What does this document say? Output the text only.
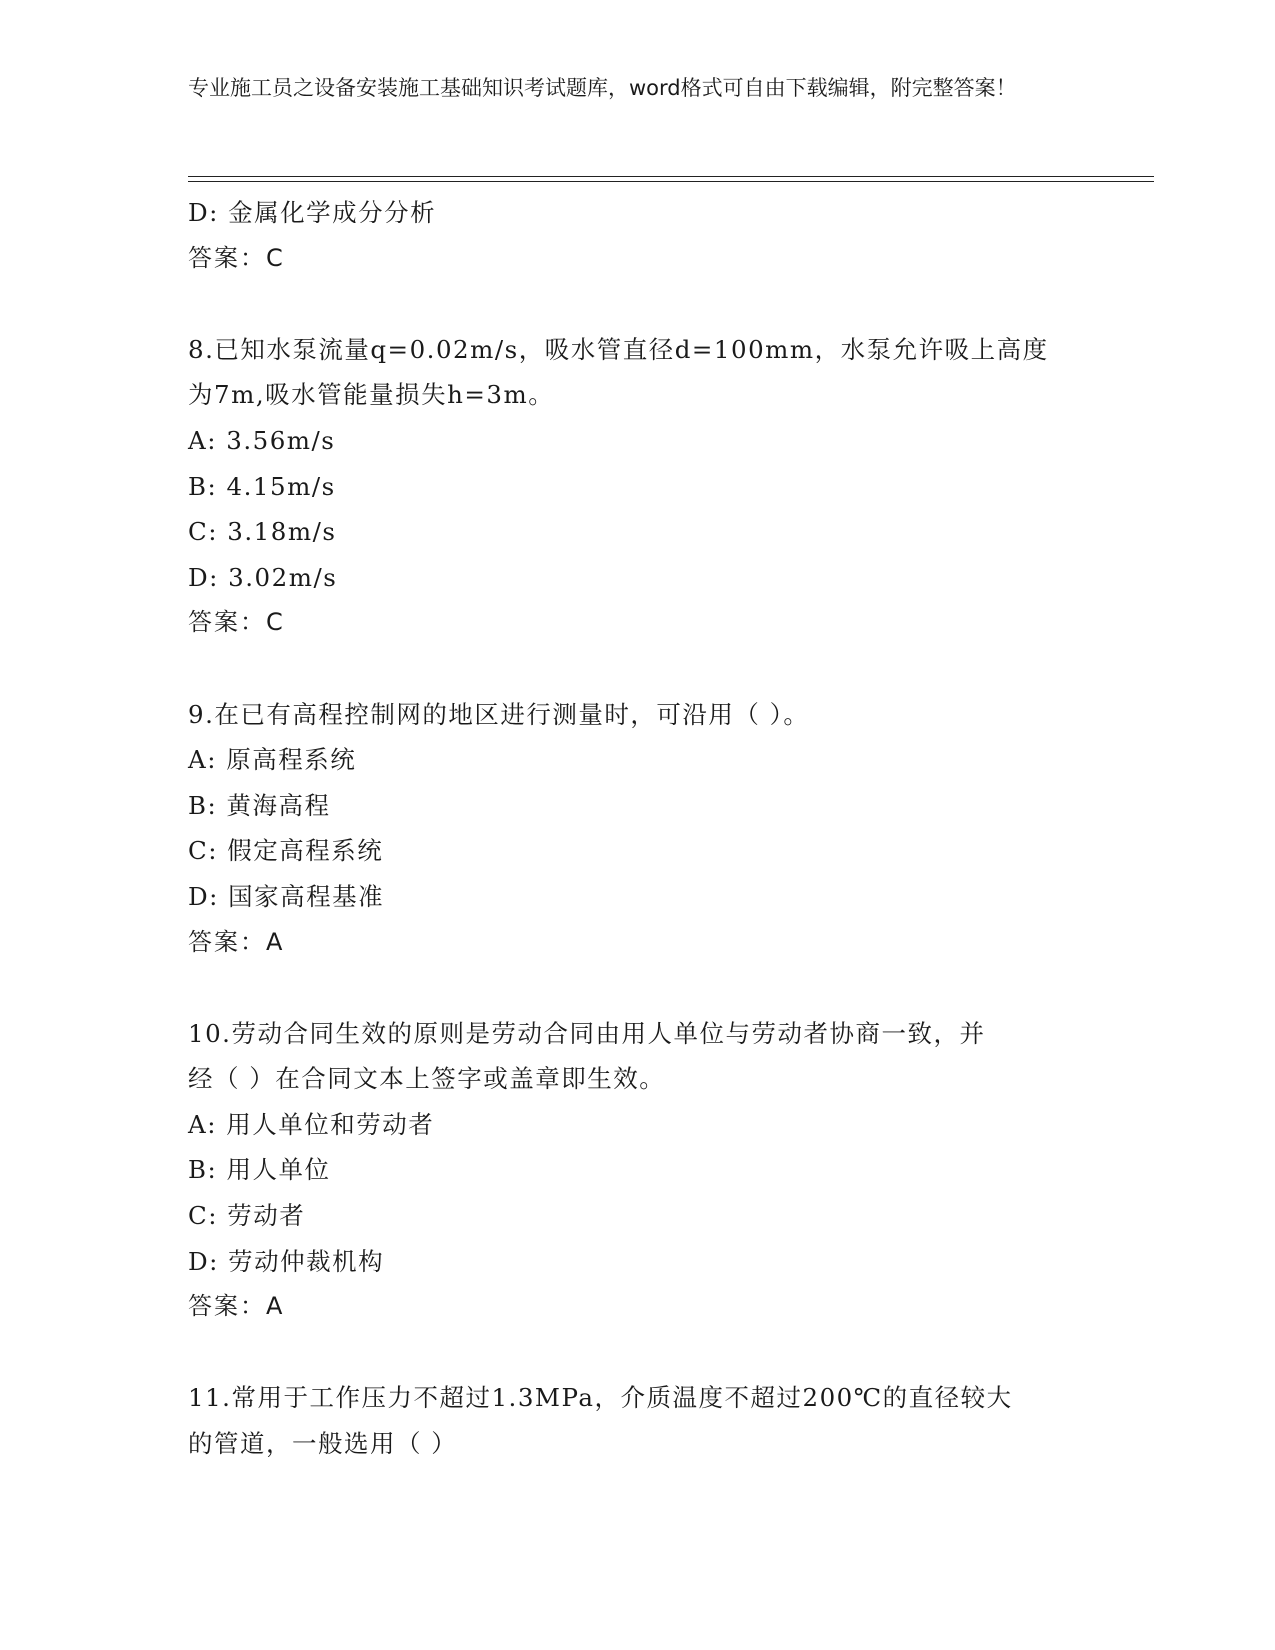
专业施工员之设备安装施工基础知识考试题库，word格式可自由下载编辑，附完整答案！
D: 金属化学成分分析
答案：C
8.已知水泵流量q=0.02m/s，吸水管直径d=100mm，水泵允许吸上高度
为7m,吸水管能量损失h=3m。
A: 3.56m/s
B: 4.15m/s
C: 3.18m/s
D: 3.02m/s
答案：C
9.在已有高程控制网的地区进行测量时，可沿用（ ）。
A: 原高程系统
B: 黄海高程
C: 假定高程系统
D: 国家高程基准
答案：A
10.劳动合同生效的原则是劳动合同由用人单位与劳动者协商一致，并
经（ ）在合同文本上签字或盖章即生效。
A: 用人单位和劳动者
B: 用人单位
C: 劳动者
D: 劳动仲裁机构
答案：A
11.常用于工作压力不超过1.3MPa，介质温度不超过200℃的直径较大
的管道，一般选用（ ）
